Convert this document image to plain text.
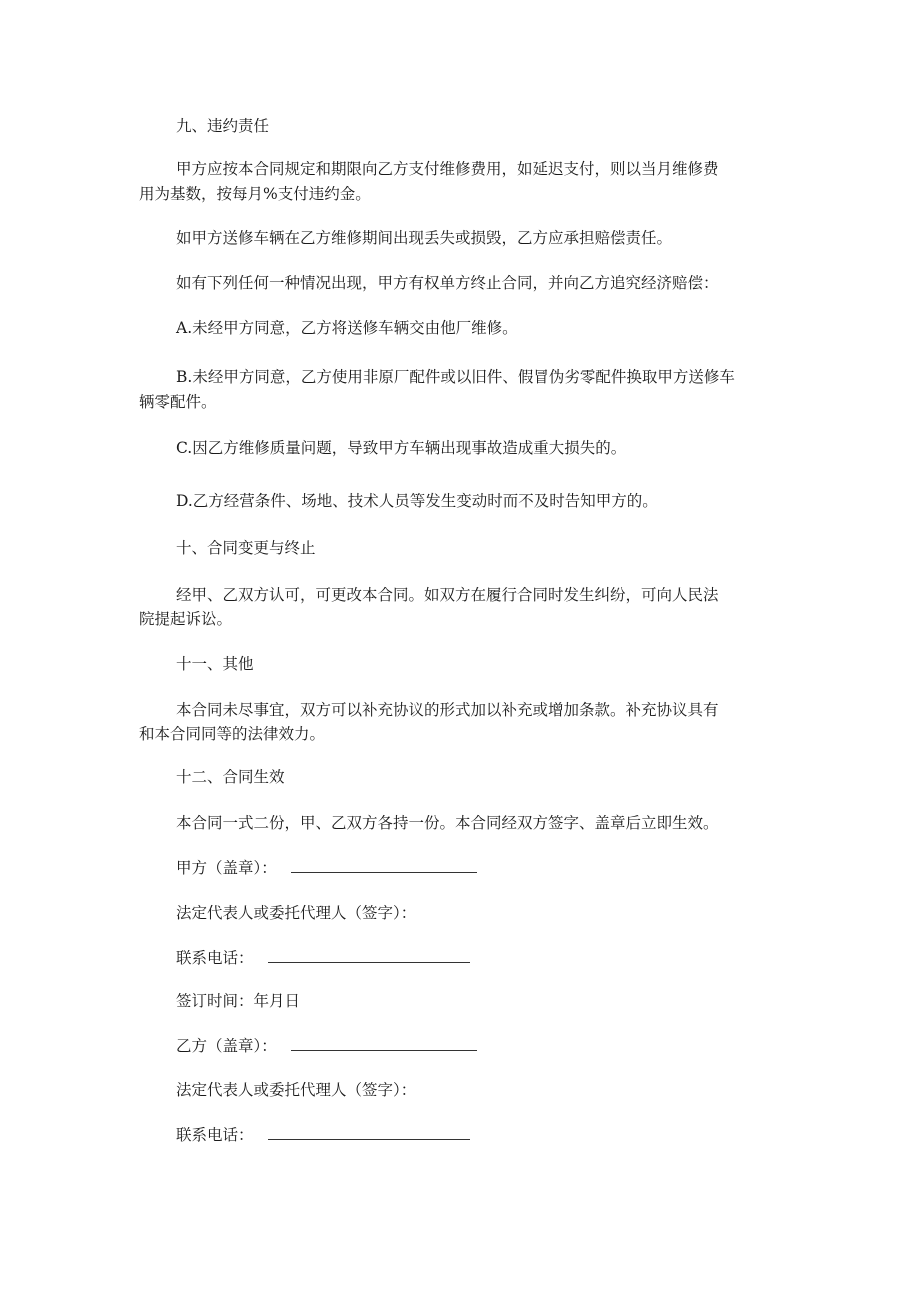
九、违约责任
甲方应按本合同规定和期限向乙方支付维修费用，如延迟支付，则以当月维修费
用为基数，按每月%支付违约金。
如甲方送修车辆在乙方维修期间出现丢失或损毁，乙方应承担赔偿责任。
如有下列任何一种情况出现，甲方有权单方终止合同，并向乙方追究经济赔偿：
A.未经甲方同意，乙方将送修车辆交由他厂维修。
B.未经甲方同意，乙方使用非原厂配件或以旧件、假冒伪劣零配件换取甲方送修车
辆零配件。
C.因乙方维修质量问题，导致甲方车辆出现事故造成重大损失的。
D.乙方经营条件、场地、技术人员等发生变动时而不及时告知甲方的。
十、合同变更与终止
经甲、乙双方认可，可更改本合同。如双方在履行合同时发生纠纷，可向人民法
院提起诉讼。
十一、其他
本合同未尽事宜，双方可以补充协议的形式加以补充或增加条款。补充协议具有
和本合同同等的法律效力。
十二、合同生效
本合同一式二份，甲、乙双方各持一份。本合同经双方签字、盖章后立即生效。
甲方（盖章）：
法定代表人或委托代理人（签字）：
联系电话：
签订时间：年月日
乙方（盖章）：
法定代表人或委托代理人（签字）：
联系电话：
